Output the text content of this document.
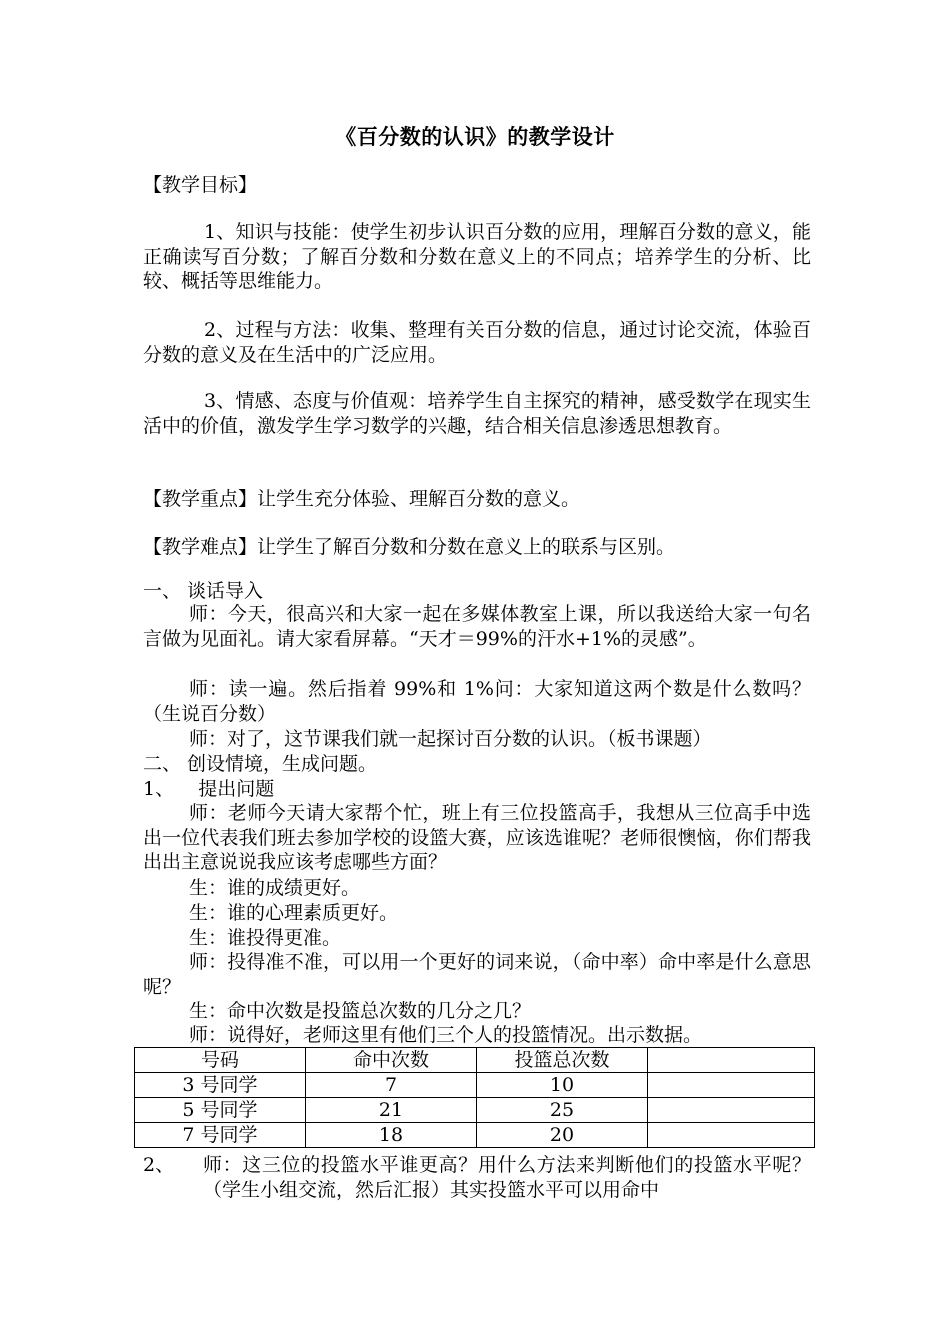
《百分数的认识》的教学设计
【教学目标】
1、知识与技能：使学生初步认识百分数的应用，理解百分数的意义，能正确读写百分数；了解百分数和分数在意义上的不同点；培养学生的分析、比较、概括等思维能力。
2、过程与方法：收集、整理有关百分数的信息，通过讨论交流，体验百分数的意义及在生活中的广泛应用。
3、情感、态度与价值观：培养学生自主探究的精神，感受数学在现实生活中的价值，激发学生学习数学的兴趣，结合相关信息渗透思想教育。
【教学重点】让学生充分体验、理解百分数的意义。
【教学难点】让学生了解百分数和分数在意义上的联系与区别。
一、 谈话导入
师：今天，很高兴和大家一起在多媒体教室上课，所以我送给大家一句名言做为见面礼。请大家看屏幕。“天才＝99%的汗水+1%的灵感”。
师：读一遍。然后指着 99%和 1%问：大家知道这两个数是什么数吗？（生说百分数）
师：对了，这节课我们就一起探讨百分数的认识。（板书课题）
二、 创设情境，生成问题。
1、    提出问题
师：老师今天请大家帮个忙，班上有三位投篮高手，我想从三位高手中选出一位代表我们班去参加学校的设篮大赛，应该选谁呢？老师很懊恼，你们帮我出出主意说说我应该考虑哪些方面？
生：谁的成绩更好。
生：谁的心理素质更好。
生：谁投得更准。
师：投得准不准，可以用一个更好的词来说，（命中率）命中率是什么意思呢？
生：命中次数是投篮总次数的几分之几？
师：说得好，老师这里有他们三个人的投篮情况。出示数据。
号码	命中次数	投篮总次数	
3 号同学	7	10	
5 号同学	21	25	
7 号同学	18	20	
2、 师：这三位的投篮水平谁更高？用什么方法来判断他们的投篮水平呢？（学生小组交流，然后汇报）其实投篮水平可以用命中
